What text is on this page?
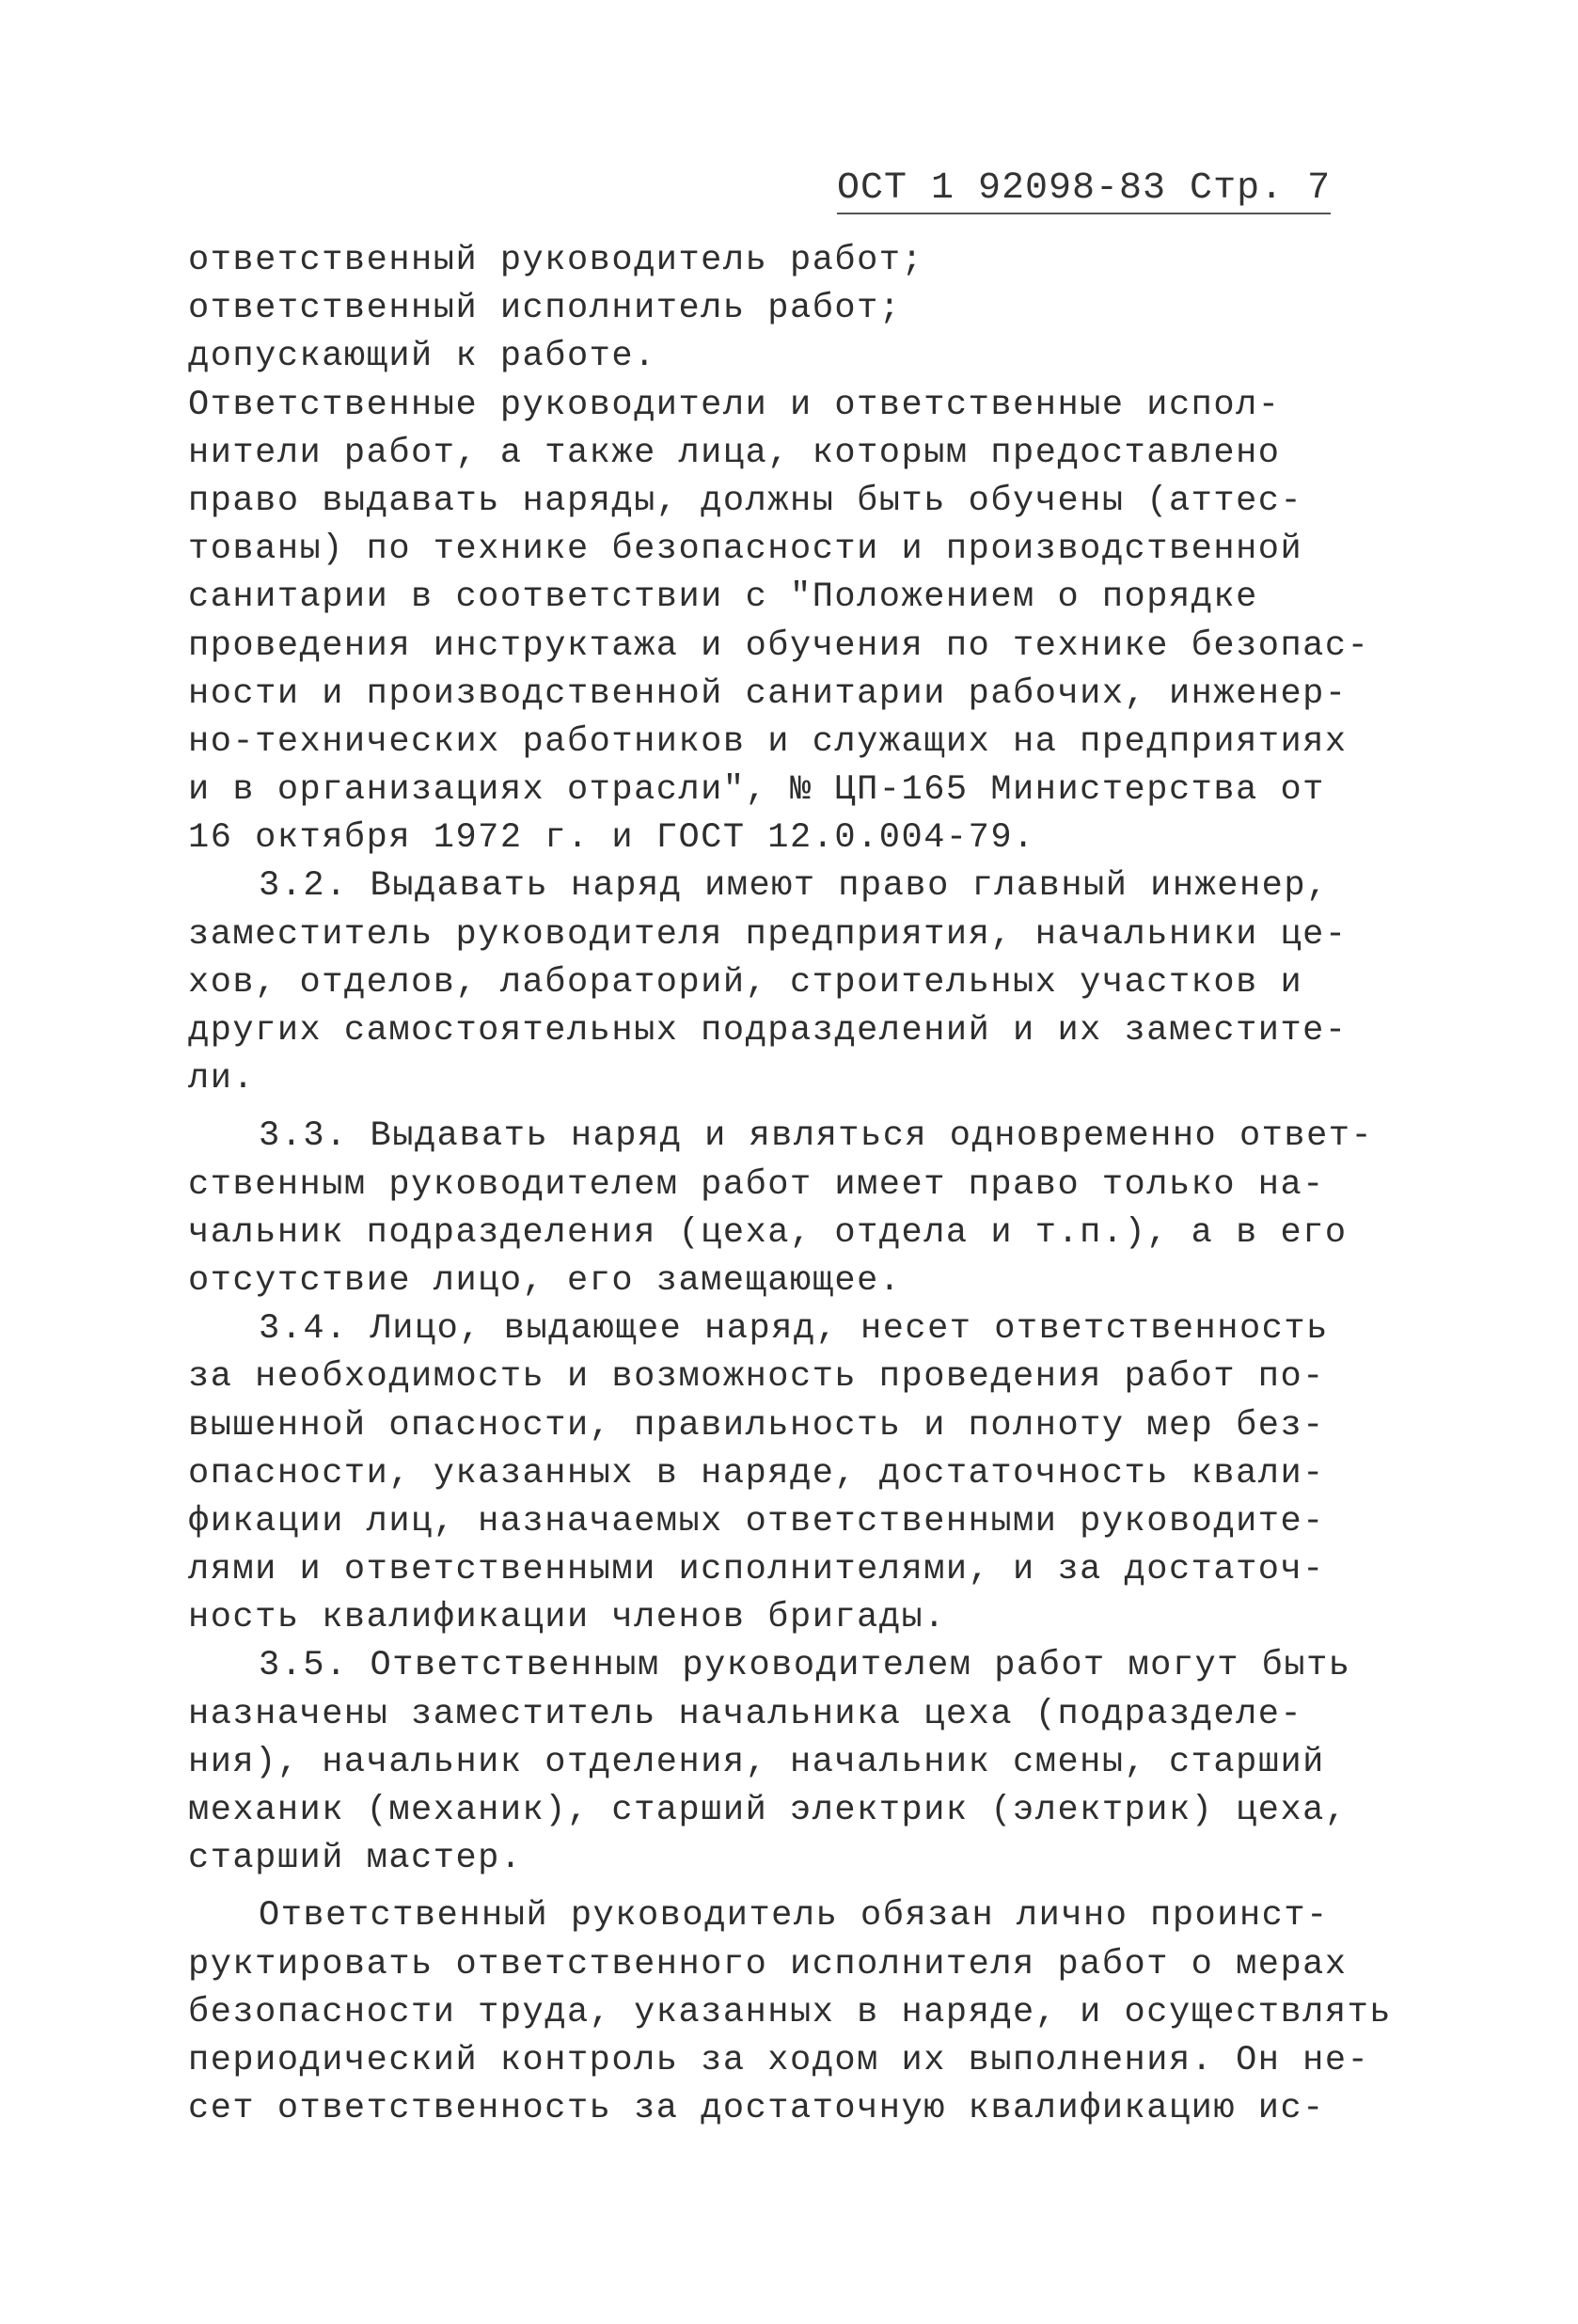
ОСТ 1 92098-83 Стр. 7
ответственный руководитель работ;
ответственный исполнитель работ;
допускающий к работе.
Ответственные руководители и ответственные испол-
нители работ, а также лица, которым предоставлено
право выдавать наряды, должны быть обучены (аттес-
тованы) по технике безопасности и производственной
санитарии в соответствии с "Положением о порядке
проведения инструктажа и обучения по технике безопас-
ности и производственной санитарии рабочих, инженер-
но-технических работников и служащих на предприятиях
и в организациях отрасли", № ЦП-165 Министерства от
16 октября 1972 г. и ГОСТ 12.0.004-79.
3.2. Выдавать наряд имеют право главный инженер,
заместитель руководителя предприятия, начальники це-
хов, отделов, лабораторий, строительных участков и
других самостоятельных подразделений и их заместите-
ли.
3.3. Выдавать наряд и являться одновременно ответ-
ственным руководителем работ имеет право только на-
чальник подразделения (цеха, отдела и т.п.), а в его
отсутствие лицо, его замещающее.
3.4. Лицо, выдающее наряд, несет ответственность
за необходимость и возможность проведения работ по-
вышенной опасности, правильность и полноту мер без-
опасности, указанных в наряде, достаточность квали-
фикации лиц, назначаемых ответственными руководите-
лями и ответственными исполнителями, и за достаточ-
ность квалификации членов бригады.
3.5. Ответственным руководителем работ могут быть
назначены заместитель начальника цеха (подразделе-
ния), начальник отделения, начальник смены, старший
механик (механик), старший электрик (электрик) цеха,
старший мастер.
Ответственный руководитель обязан лично проинст-
руктировать ответственного исполнителя работ о мерах
безопасности труда, указанных в наряде, и осуществлять
периодический контроль за ходом их выполнения. Он не-
сет ответственность за достаточную квалификацию ис-
